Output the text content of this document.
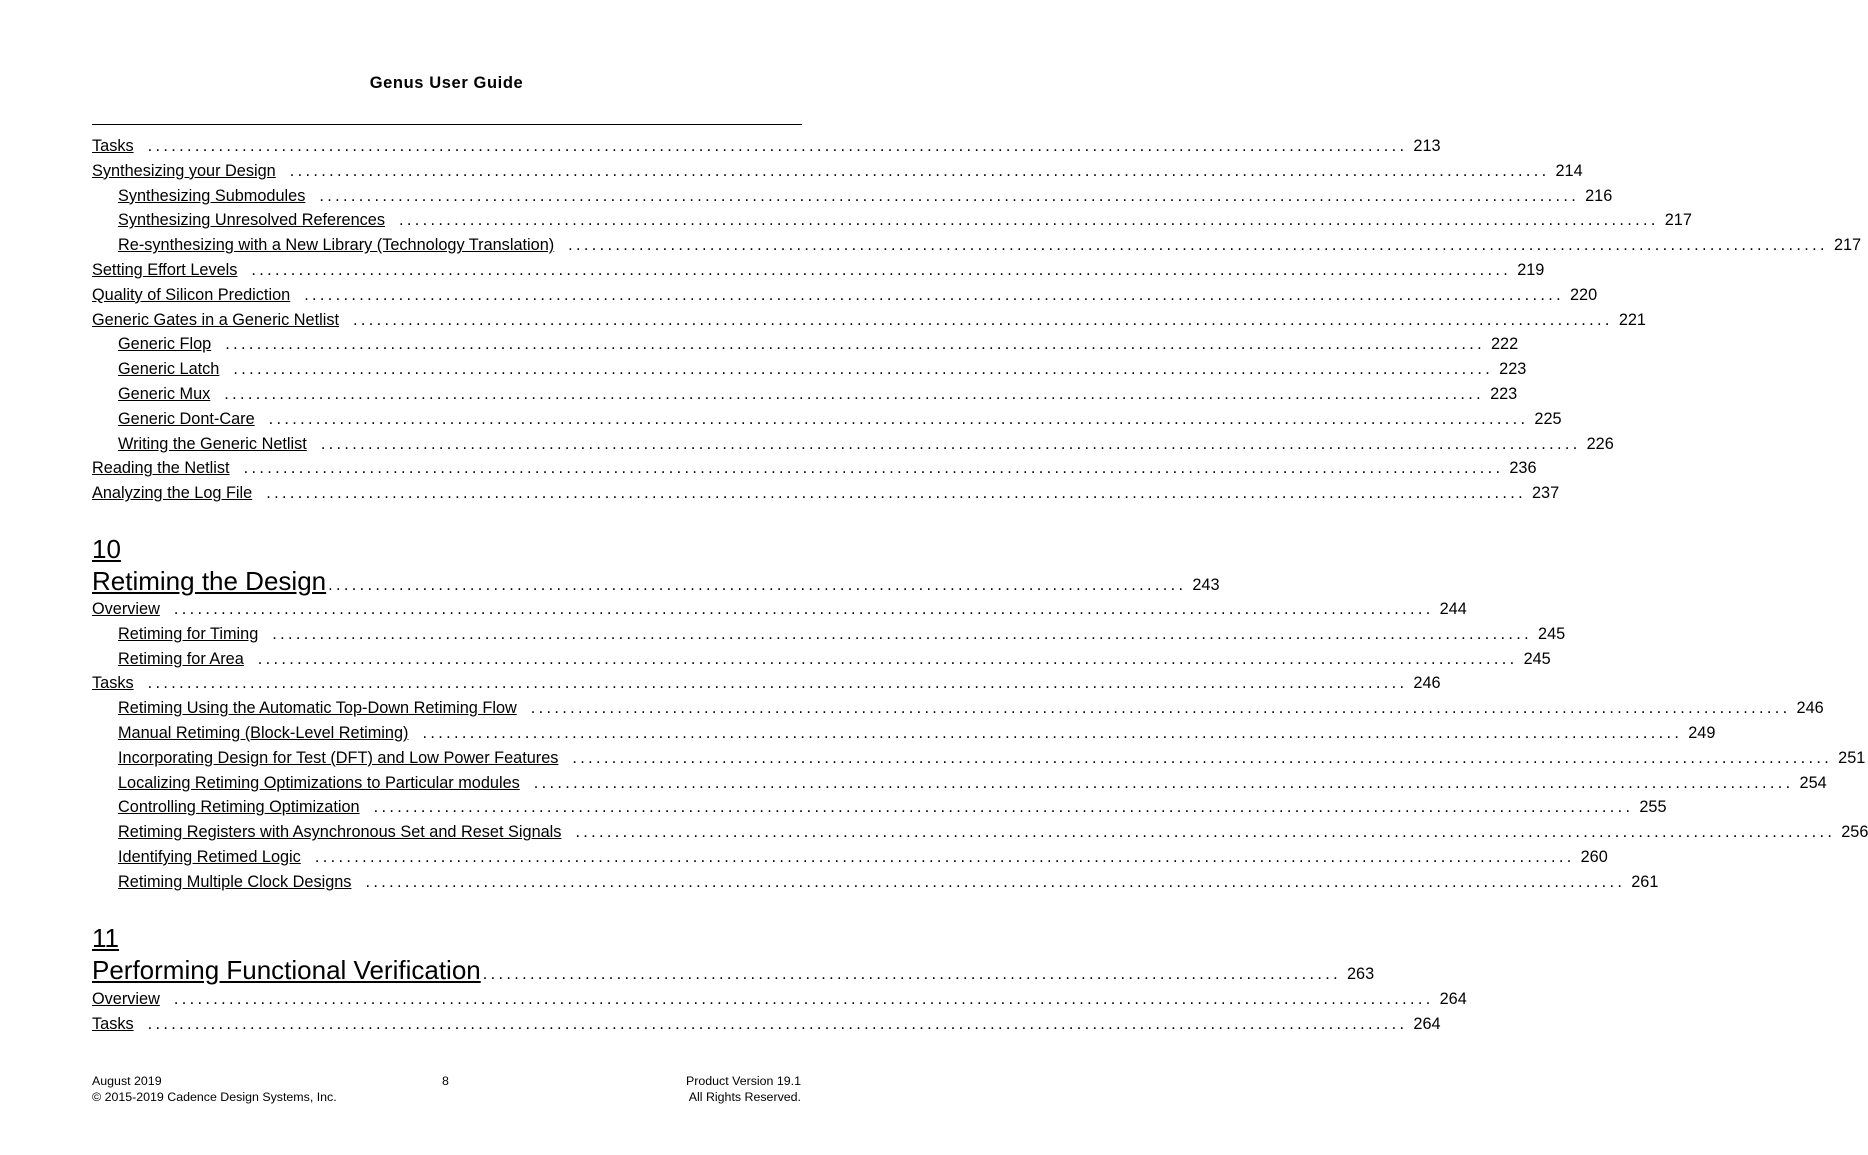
Genus User Guide
Tasks ................................................................................................................................................................ 213
Synthesizing your Design ................................................................................................................................................................ 214
Synthesizing Submodules ................................................................................................................................................................ 216
Synthesizing Unresolved References ................................................................................................................................................................ 217
Re-synthesizing with a New Library (Technology Translation) ................................................................................................................................................................ 217
Setting Effort Levels ................................................................................................................................................................ 219
Quality of Silicon Prediction ................................................................................................................................................................ 220
Generic Gates in a Generic Netlist ................................................................................................................................................................ 221
Generic Flop ................................................................................................................................................................ 222
Generic Latch ................................................................................................................................................................ 223
Generic Mux ................................................................................................................................................................ 223
Generic Dont-Care ................................................................................................................................................................ 225
Writing the Generic Netlist ................................................................................................................................................................ 226
Reading the Netlist ................................................................................................................................................................ 236
Analyzing the Log File ................................................................................................................................................................ 237
10
Retiming the Design ............................................................................................................. 243
Overview ................................................................................................................................................................ 244
Retiming for Timing ................................................................................................................................................................ 245
Retiming for Area ................................................................................................................................................................ 245
Tasks ................................................................................................................................................................ 246
Retiming Using the Automatic Top-Down Retiming Flow ................................................................................................................................................................ 246
Manual Retiming (Block-Level Retiming) ................................................................................................................................................................ 249
Incorporating Design for Test (DFT) and Low Power Features ................................................................................................................................................................ 251
Localizing Retiming Optimizations to Particular modules ................................................................................................................................................................ 254
Controlling Retiming Optimization ................................................................................................................................................................ 255
Retiming Registers with Asynchronous Set and Reset Signals ................................................................................................................................................................ 256
Identifying Retimed Logic ................................................................................................................................................................ 260
Retiming Multiple Clock Designs ................................................................................................................................................................ 261
11
Performing Functional Verification ............................................................................................................. 263
Overview ................................................................................................................................................................ 264
Tasks ................................................................................................................................................................ 264
August 2019
© 2015-2019 Cadence Design Systems, Inc.
8	Product Version 19.1
All Rights Reserved.
